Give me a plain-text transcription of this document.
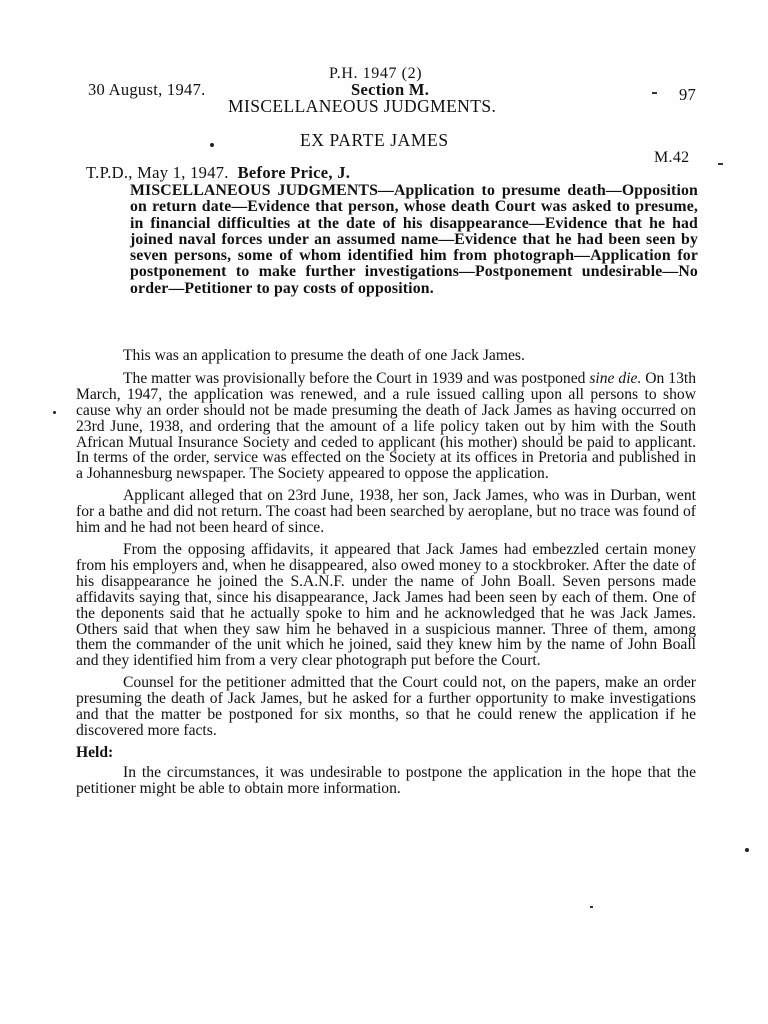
P.H. 1947 (2)
30 August, 1947.	Section M.	97
MISCELLANEOUS JUDGMENTS.
EX PARTE JAMES
M.42
T.P.D., May 1, 1947. Before Price, J.
MISCELLANEOUS JUDGMENTS—Application to presume death—Opposition on return date—Evidence that person, whose death Court was asked to presume, in financial difficulties at the date of his disappearance—Evidence that he had joined naval forces under an assumed name—Evidence that he had been seen by seven persons, some of whom identified him from photograph—Application for postponement to make further investigations—Postponement undesirable—No order—Petitioner to pay costs of opposition.

This was an application to presume the death of one Jack James.

The matter was provisionally before the Court in 1939 and was postponed sine die. On 13th March, 1947, the application was renewed, and a rule issued calling upon all persons to show cause why an order should not be made presuming the death of Jack James as having occurred on 23rd June, 1938, and ordering that the amount of a life policy taken out by him with the South African Mutual Insurance Society and ceded to applicant (his mother) should be paid to applicant. In terms of the order, service was effected on the Society at its offices in Pretoria and published in a Johannesburg newspaper. The Society appeared to oppose the application.

Applicant alleged that on 23rd June, 1938, her son, Jack James, who was in Durban, went for a bathe and did not return. The coast had been searched by aeroplane, but no trace was found of him and he had not been heard of since.

From the opposing affidavits, it appeared that Jack James had embezzled certain money from his employers and, when he disappeared, also owed money to a stockbroker. After the date of his disappearance he joined the S.A.N.F. under the name of John Boall. Seven persons made affidavits saying that, since his disappearance, Jack James had been seen by each of them. One of the deponents said that he actually spoke to him and he acknowledged that he was Jack James. Others said that when they saw him he behaved in a suspicious manner. Three of them, among them the commander of the unit which he joined, said they knew him by the name of John Boall and they identified him from a very clear photograph put before the Court.

Counsel for the petitioner admitted that the Court could not, on the papers, make an order presuming the death of Jack James, but he asked for a further opportunity to make investigations and that the matter be postponed for six months, so that he could renew the application if he discovered more facts.

Held:

In the circumstances, it was undesirable to postpone the application in the hope that the petitioner might be able to obtain more information.
